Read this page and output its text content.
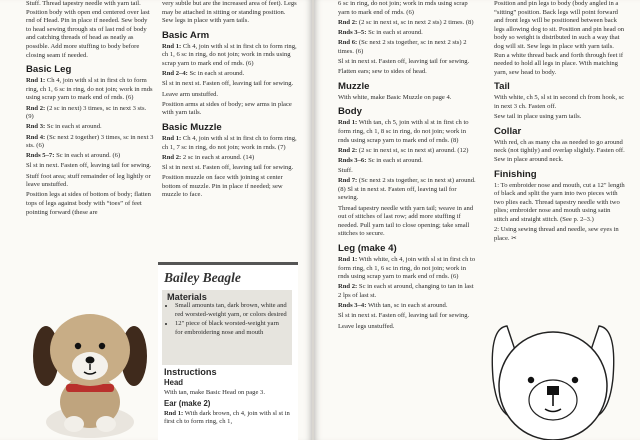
Stuff. Thread tapestry needle with yarn tail. Position body with open end centered over last rnd of Head. Pin in place if needed. Sew body to head sewing through sts of last rnd of body and catching threads of head as neatly as possible. Add more stuffing to body before closing seam if needed.

Basic Leg

Rnd 1: Ch 4, join with sl st in first ch to form ring, ch 1, 6 sc in ring, do not join; work in rnds using scrap yarn to mark end of rnds. (6)

Rnd 2: (2 sc in next) 3 times, sc in next 3 sts. (9)

Rnd 3: Sc in each st around.

Rnd 4: (Sc next 2 together) 3 times, sc in next 3 sts. (6)

Rnds 5–7: Sc in each st around. (6)

Sl st in next. Fasten off, leaving tail for sewing.

Stuff foot area; stuff remainder of leg lightly or leave unstuffed.

Position legs at sides of bottom of body; flatten tops of legs against body with “toes” of feet pointing forward (these are

very subtle but are the increased area of feet). Legs may be attached in sitting or standing position. Sew legs in place with yarn tails.

Basic Arm

Rnd 1: Ch 4, join with sl st in first ch to form ring, ch 1, 6 sc in ring, do not join; work in rnds using scrap yarn to mark end of rnds. (6)

Rnd 2–4: Sc in each st around.

Sl st in next st. Fasten off, leaving tail for sewing.

Leave arm unstuffed.

Position arms at sides of body; sew arms in place with yarn tails.

Basic Muzzle

Rnd 1: Ch 4, join with sl st in first ch to form ring, ch 1, 7 sc in ring, do not join; work in rnds. (7)

Rnd 2: 2 sc in each st around. (14)

Sl st in next st. Fasten off, leaving tail for sewing.

Position muzzle on face with joining st center bottom of muzzle. Pin in place if needed; sew muzzle to face.

Bailey Beagle
Materials
• Small amounts tan, dark brown, white and red worsted-weight yarn, or colors desired
• 12" piece of black worsted-weight yarn for embroidering nose and mouth
Instructions
Head

With tan, make Basic Head on page 3.

Ear (make 2)

Rnd 1: With dark brown, ch 4, join with sl st in first ch to form ring, ch 1,

6 sc in ring, do not join; work in rnds using scrap yarn to mark end of rnds. (6)

Rnd 2: (2 sc in next st, sc in next 2 sts) 2 times. (8)

Rnds 3–5: Sc in each st around.

Rnd 6: (Sc next 2 sts together, sc in next 2 sts) 2 times. (6)

Sl st in next st. Fasten off, leaving tail for sewing.

Flatten ears; sew to sides of head.

Muzzle

With white, make Basic Muzzle on page 4.

Body

Rnd 1: With tan, ch 5, join with sl st in first ch to form ring, ch 1, 8 sc in ring, do not join; work in rnds using scrap yarn to mark end of rnds. (8)

Rnd 2: (2 sc in next st, sc in next st) around. (12)

Rnds 3–6: Sc in each st around.

Stuff.

Rnd 7: (Sc next 2 sts together, sc in next st) around. (8) Sl st in next st. Fasten off, leaving tail for sewing.

Thread tapestry needle with yarn tail; weave in and out of stitches of last row; add more stuffing if needed. Pull yarn tail to close opening; take small stitches to secure.

Leg (make 4)

Rnd 1: With white, ch 4, join with sl st in first ch to form ring, ch 1, 6 sc in ring, do not join; work in rnds using scrap yarn to mark end of rnds. (6)

Rnd 2: Sc in each st around, changing to tan in last 2 lps of last st.

Rnds 3–4: With tan, sc in each st around.

Sl st in next st. Fasten off, leaving tail for sewing.

Leave legs unstuffed.

Position and pin legs to body (body angled in a “sitting” position. Back legs will point forward and front legs will be positioned between back legs allowing dog to sit. Position and pin head on body so weight is distributed in such a way that dog will sit. Sew legs in place with yarn tails. Run a white thread back and forth through feet if needed to hold all legs in place. With matching yarn, sew head to body.

Tail

With white, ch 5, sl st in second ch from hook, sc in next 3 ch. Fasten off.

Sew tail in place using yarn tails.

Collar

With red, ch as many chs as needed to go around neck (not tightly) and overlap slightly. Fasten off. Sew in place around neck.

Finishing

1: To embroider nose and mouth, cut a 12" length of black and split the yarn into two pieces with two plies each. Thread tapestry needle with two plies; embroider nose and mouth using satin stitch and straight stitch. (See p. 2–3.)

2: Using sewing thread and needle, sew eyes in place. ✂
